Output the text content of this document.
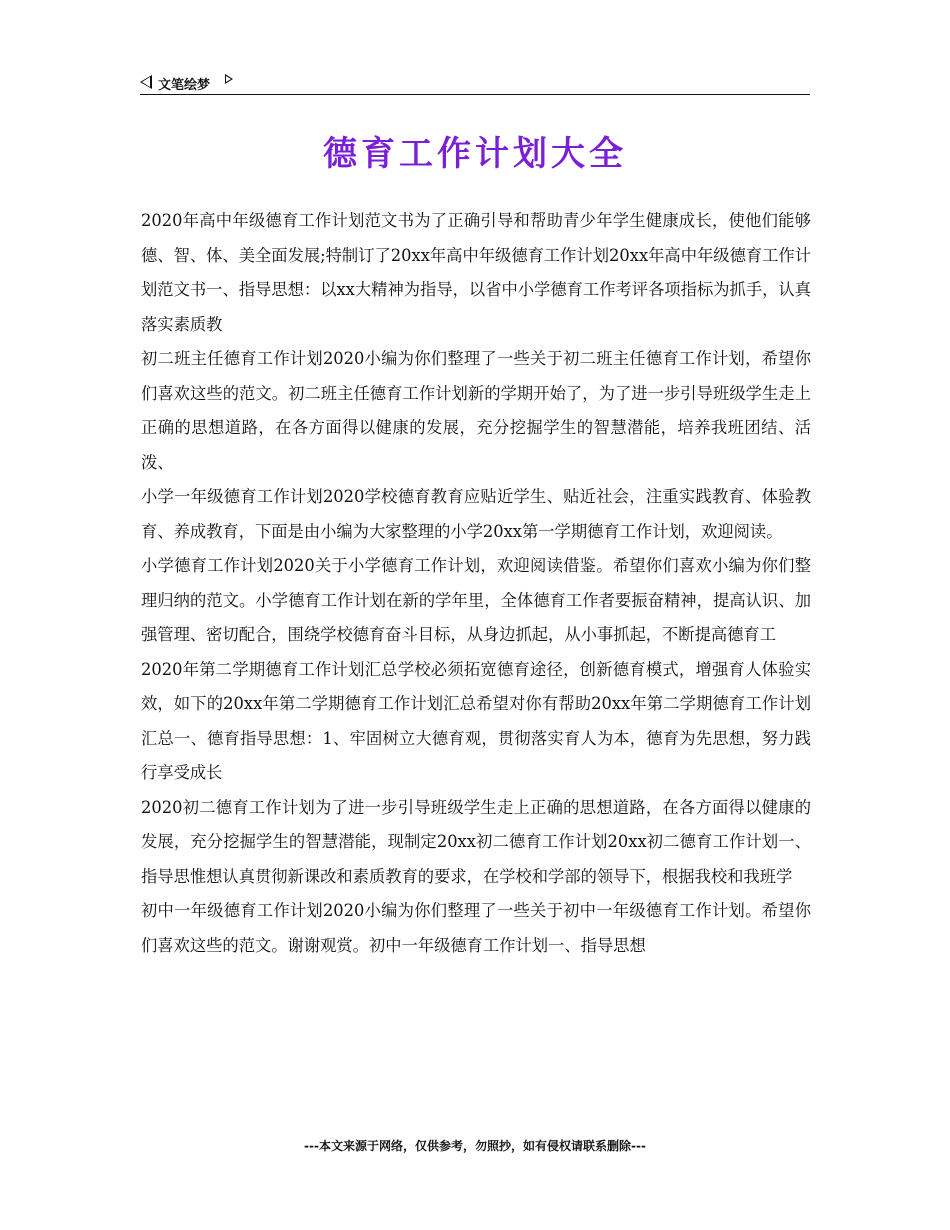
文笔绘梦
德育工作计划大全

2020年高中年级德育工作计划范文书为了正确引导和帮助青少年学生健康成长，使他们能够德、智、体、美全面发展;特制订了20xx年高中年级德育工作计划20xx年高中年级德育工作计划范文书一、指导思想：以xx大精神为指导，以省中小学德育工作考评各项指标为抓手，认真落实素质教

初二班主任德育工作计划2020小编为你们整理了一些关于初二班主任德育工作计划，希望你们喜欢这些的范文。初二班主任德育工作计划新的学期开始了，为了进一步引导班级学生走上正确的思想道路，在各方面得以健康的发展，充分挖掘学生的智慧潜能，培养我班团结、活泼、

小学一年级德育工作计划2020学校德育教育应贴近学生、贴近社会，注重实践教育、体验教育、养成教育，下面是由小编为大家整理的小学20xx第一学期德育工作计划，欢迎阅读。

小学德育工作计划2020关于小学德育工作计划，欢迎阅读借鉴。希望你们喜欢小编为你们整理归纳的范文。小学德育工作计划在新的学年里，全体德育工作者要振奋精神，提高认识、加强管理、密切配合，围绕学校德育奋斗目标，从身边抓起，从小事抓起，不断提高德育工

2020年第二学期德育工作计划汇总学校必须拓宽德育途径，创新德育模式，增强育人体验实效，如下的20xx年第二学期德育工作计划汇总希望对你有帮助20xx年第二学期德育工作计划汇总一、德育指导思想：1、牢固树立大德育观，贯彻落实育人为本，德育为先思想，努力践行享受成长

2020初二德育工作计划为了进一步引导班级学生走上正确的思想道路，在各方面得以健康的发展，充分挖掘学生的智慧潜能，现制定20xx初二德育工作计划20xx初二德育工作计划一、指导思惟想认真贯彻新课改和素质教育的要求，在学校和学部的领导下，根据我校和我班学

初中一年级德育工作计划2020小编为你们整理了一些关于初中一年级德育工作计划。希望你们喜欢这些的范文。谢谢观赏。初中一年级德育工作计划一、指导思想

---本文来源于网络，仅供参考，勿照抄，如有侵权请联系删除---
